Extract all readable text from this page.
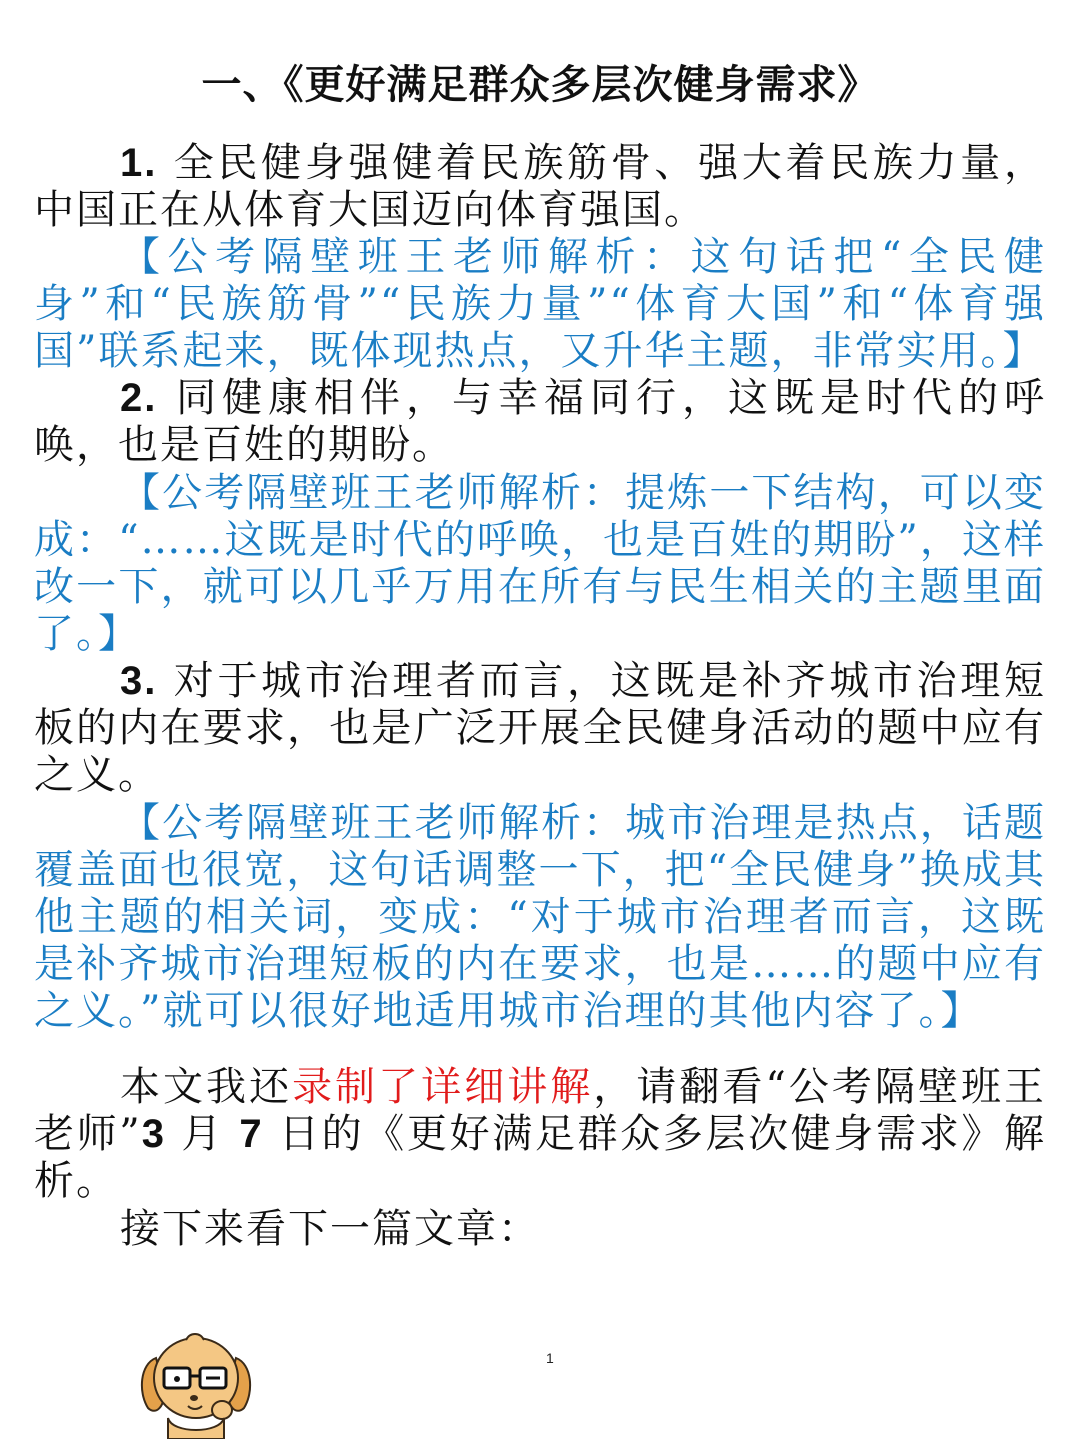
一、《更好满足群众多层次健身需求》

1. 全民健身强健着民族筋骨、强大着民族力量，中国正在从体育大国迈向体育强国。

【公考隔壁班王老师解析：这句话把“全民健身”和“民族筋骨”“民族力量”“体育大国”和“体育强国”联系起来，既体现热点，又升华主题，非常实用。】

2. 同健康相伴，与幸福同行，这既是时代的呼唤，也是百姓的期盼。

【公考隔壁班王老师解析：提炼一下结构，可以变成：“……这既是时代的呼唤，也是百姓的期盼”，这样改一下，就可以几乎万用在所有与民生相关的主题里面了。】

3. 对于城市治理者而言，这既是补齐城市治理短板的内在要求，也是广泛开展全民健身活动的题中应有之义。

【公考隔壁班王老师解析：城市治理是热点，话题覆盖面也很宽，这句话调整一下，把“全民健身”换成其他主题的相关词，变成：“对于城市治理者而言，这既是补齐城市治理短板的内在要求，也是……的题中应有之义。”就可以很好地适用城市治理的其他内容了。】

本文我还录制了详细讲解，请翻看“公考隔壁班王老师”3 月 7 日的《更好满足群众多层次健身需求》解析。

接下来看下一篇文章：

1
